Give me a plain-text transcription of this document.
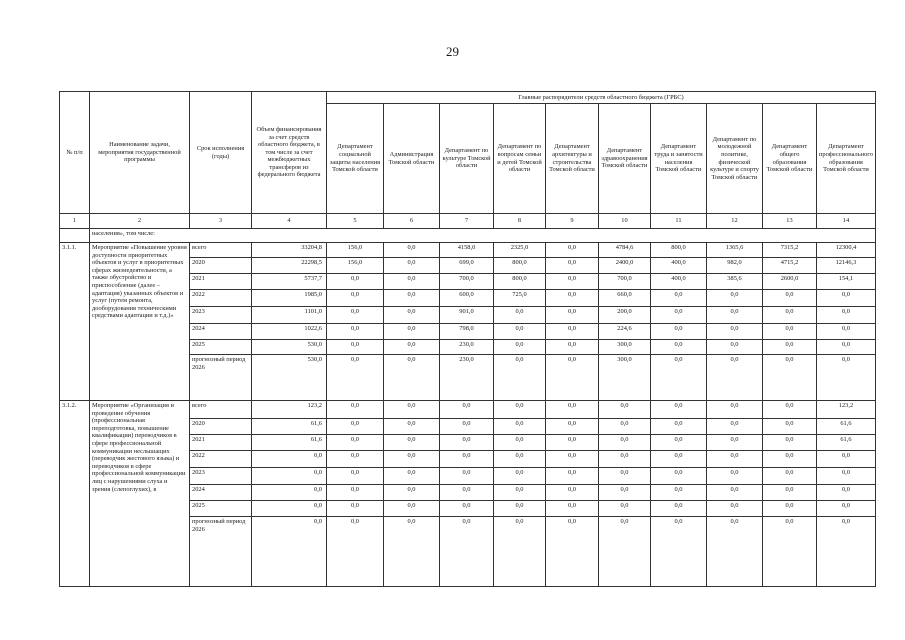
29
№ п/п	Наименование задачи, мероприятия государственной программы	Срок исполнения (годы)	Объем финансирования за счет средств областного бюджета, в том числе за счет межбюджетных трансферов из федерального бюджета	Главные распорядители средств областного бюджета (ГРБС)									
				Департамент социальной защиты населения Томской области	Администрация Томской области	Департамент по культуре Томской области	Департамент по вопросам семьи и детей Томской области	Департамент архитектуры и строительства Томской области	Департамент здравоохранения Томской области	Департамент труда и занятости населения Томской области	Департамент по молодежной политике, физической культуре и спорту Томской области	Департамент общего образования Томской области	Департамент профессионального образования Томской области
1	2	3	4	5	6	7	8	9	10	11	12	13	14
	населения», том числе:												
3.1.1.	Мероприятие «Повышение уровня доступности приоритетных объектов и услуг в приоритетных сферах жизнедеятельности, а также обустройство и приспособление (далее – адаптация) указанных объектов и услуг (путем ремонта, дооборудования техническими средствами адаптации и т.д.)»	всего	33204,8	156,0	0,0	4158,0	2325,0	0,0	4784,6	800,0	1365,6	7315,2	12300,4
		2020	22298,5	156,0	0,0	699,0	800,0	0,0	2400,0	400,0	982,0	4715,2	12146,3
		2021	5737,7	0,0	0,0	700,0	800,0	0,0	700,0	400,0	385,6	2600,0	154,1
		2022	1985,0	0,0	0,0	600,0	725,0	0,0	660,0	0,0	0,0	0,0	0,0
		2023	1101,0	0,0	0,0	901,0	0,0	0,0	200,0	0,0	0,0	0,0	0,0
		2024	1022,6	0,0	0,0	798,0	0,0	0,0	224,6	0,0	0,0	0,0	0,0
		2025	530,0	0,0	0,0	230,0	0,0	0,0	300,0	0,0	0,0	0,0	0,0
		прогнозный период 2026	530,0	0,0	0,0	230,0	0,0	0,0	300,0	0,0	0,0	0,0	0,0
3.1.2.	Мероприятие «Организация и проведение обучения (профессиональная переподготовка, повышение квалификации) переводчиков в сфере профессиональной коммуникации неслышащих (переводчик жестового языка) и переводчиков в сфере профессиональной коммуникации лиц с нарушениями слуха и зрения (слепоглухих), в	всего	123,2	0,0	0,0	0,0	0,0	0,0	0,0	0,0	0,0	0,0	123,2
		2020	61,6	0,0	0,0	0,0	0,0	0,0	0,0	0,0	0,0	0,0	61,6
		2021	61,6	0,0	0,0	0,0	0,0	0,0	0,0	0,0	0,0	0,0	61,6
		2022	0,0	0,0	0,0	0,0	0,0	0,0	0,0	0,0	0,0	0,0	0,0
		2023	0,0	0,0	0,0	0,0	0,0	0,0	0,0	0,0	0,0	0,0	0,0
		2024	0,0	0,0	0,0	0,0	0,0	0,0	0,0	0,0	0,0	0,0	0,0
		2025	0,0	0,0	0,0	0,0	0,0	0,0	0,0	0,0	0,0	0,0	0,0
		прогнозный период 2026	0,0	0,0	0,0	0,0	0,0	0,0	0,0	0,0	0,0	0,0	0,0
